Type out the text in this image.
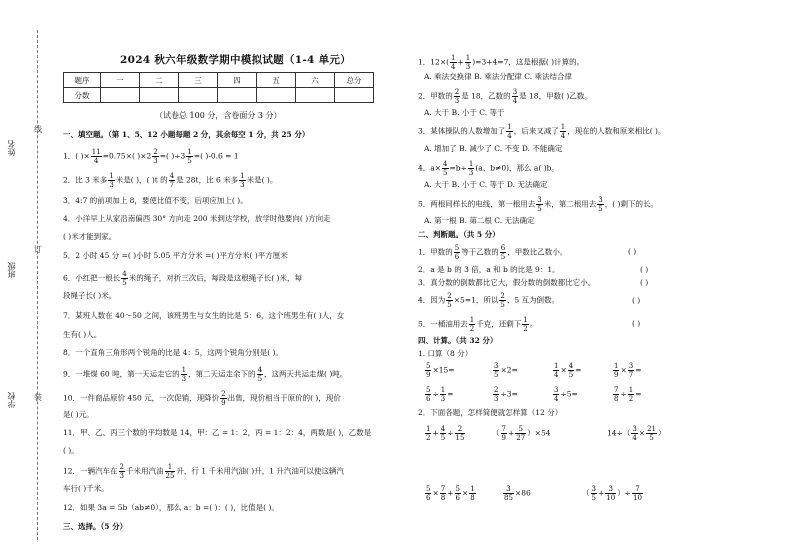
姓名
班级
学校
线
订
装
2024 秋六年级数学期中模拟试题（1-4 单元）
题序	一	二	三	四	五	六	总分
分数							
（试卷总 100 分，含卷面分 3 分）
一、填空题。（第 1、5、12 小题每题 2 分，其余每空 1 分，共 25 分）
1．( )× $\frac{11}{4} =0.75\times$( )$\times 2 \frac{2}{3}$ =( )$\div 3 \frac{1}{5}$ =( )-0.6 = 1
2．比 3 米多 $\frac{1}{3}$ 米是( )，( )t 的 $\frac{4}{7}$ 是 28t，比 6 米多 $\frac{1}{3}$ 米是( )。
3．4:7 的前项加上 8，要使比值不变，后项应加上( )。
4．小洋早上从家沿南偏西 30° 方向走 200 米到达学校，放学时他要向( )方向走
( )米才能到家。
5．2 小时 45 分 =( )小时 5.05 平方分米 =( )平方分米( )平方厘米
6．小红把一根长 $\frac{4}{5}$ 米的绳子，对折三次后，每段是这根绳子长( )米，每
段绳子长( )米。
7．某班人数在 40～50 之间，该班男生与女生的比是 5：6，这个班男生有( )人，女
生有( )人。
8．一个直角三角形两个锐角的比是 4：5，这两个锐角分别是( )。
9．一堆煤 60 吨，第一天运走它的 $\frac{1}{3}$ ，第二天运走余下的 $\frac{4}{5}$ ，这两天共运走煤( )吨。
10．一件商品原价 450 元，一次促销，现降价 $\frac{2}{9}$ 出售，现价相当于原价的( )，现价
是( )元。
11．甲、乙、丙三个数的平均数是 14，甲：乙 = 1：2，丙 = 1：2：4，两数是( )，乙数是
( )。
12．一辆汽车在 $\frac{2}{3}$ 千米用汽油 $\frac{1}{25}$ 升，行 1 千米用汽油( )升，1 升汽油可以使这辆汽
车行( )千米。
12．如果 3a = 5b（ab≠0），那么 a：b =( )：( )，比值是( )。
三、选择。（5 分）
1．$12\times( \frac{1}{4} + \frac{1}{3} )=3+4=7$，这是根据( )计算的。
A. 乘法交换律 B. 乘法分配律 C. 乘法结合律
2．甲数的 $\frac{2}{3}$ 是 18，乙数的 $\frac{3}{4}$ 是 18，甲数( )乙数。
A. 大于 B. 小于 C. 等于
3．某体操队的人数增加了 $\frac{1}{4}$ ，后来又减了 $\frac{1}{4}$ ，现在的人数和原来相比( )。
A. 增加了 B. 减少了 C. 不变 D. 不能确定
4．$a\times \frac{4}{5} =b\div \frac{1}{3} (a$、b≠0)，那么 a( )b。
A. 大于 B. 小于 C. 等于 D. 无法确定
5．两根同样长的电线，第一根用去 $\frac{3}{5}$ 米，第二根用去 $\frac{3}{5}$ ，( )剩下的长。
A. 第一根 B. 第二根 C. 无法确定
二、判断题。（共 5 分）
1．甲数的 $\frac{5}{6}$ 等于乙数的 $\frac{6}{5}$ ，甲数比乙数小。	( )
2．a 是 b 的 3 倍，a 和 b 的比是 9：1。	( )
3．真分数的倒数都比它大，假分数的倒数都比它小。	( )
4．因为 $\frac{2}{5} \times 5=1$，所以 $\frac{2}{5}$ 、5 互为倒数。	( )
5．一桶油用去 $\frac{1}{2}$ 千克，还剩下 $\frac{1}{2}$ 。	( )
四、计算。（共 32 分）
1. 口算（8 分）
$\frac{5}{9} \times 15=$	$\frac{3}{5} \times 2=$	$\frac{1}{4} \times \frac{4}{5}$ =	$\frac{1}{9} \times \frac{3}{7}$ =
$\frac{5}{6} \div \frac{1}{3}$ =	$\frac{2}{3} \div 3=$	$\frac{3}{4} \div 5=$	$\frac{7}{8} \div \frac{1}{2}$ =
2．下面各题，怎样简便就怎样算（12 分）
$\frac{1}{2} + \frac{4}{5} \div \frac{2}{15}$	（ $\frac{7}{9} + \frac{5}{27} )\times 54$	$14\div( \frac{3}{4} \times \frac{21}{5}$ ）
$\frac{5}{6} \times \frac{7}{8} + \frac{5}{6} \times \frac{1}{8}$	$\frac{3}{85} \times 86$	（ $\frac{3}{5} + \frac{3}{10}$ ）÷ $\frac{7}{10}$
